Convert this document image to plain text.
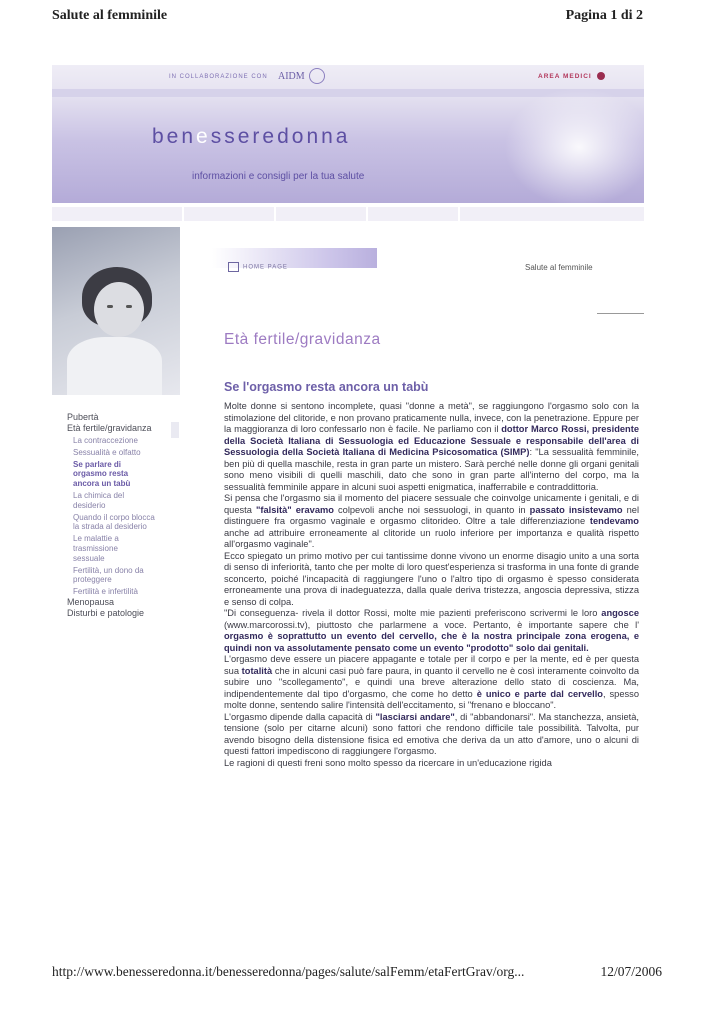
Salute al femminile	Pagina 1 di 2
IN COLLABORAZIONE CON AIDM	AREA MEDICI
benesseredonna
informazioni e consigli per la tua salute
HOME PAGE	Salute al femminile
Età fertile/gravidanza
Pubertà
Età fertile/gravidanza
La contraccezione
Sessualità e olfatto
Se parlare di orgasmo resta ancora un tabù
La chimica del desiderio
Quando il corpo blocca la strada al desiderio
Le malattie a trasmissione sessuale
Fertilità, un dono da proteggere
Fertilità e infertilità
Menopausa
Disturbi e patologie
Se l'orgasmo resta ancora un tabù

Molte donne si sentono incomplete, quasi "donne a metà", se raggiungono l'orgasmo solo con la stimolazione del clitoride, e non provano praticamente nulla, invece, con la penetrazione. Eppure per la maggioranza di loro confessarlo non è facile. Ne parliamo con il dottor Marco Rossi, presidente della Società Italiana di Sessuologia ed Educazione Sessuale e responsabile dell'area di Sessuologia della Società Italiana di Medicina Psicosomatica (SIMP): "La sessualità femminile, ben più di quella maschile, resta in gran parte un mistero. Sarà perché nelle donne gli organi genitali sono meno visibili di quelli maschili, dato che sono in gran parte all'interno del corpo, ma la sessualità femminile appare in alcuni suoi aspetti enigmatica, inafferrabile e contraddittoria.

Si pensa che l'orgasmo sia il momento del piacere sessuale che coinvolge unicamente i genitali, e di questa "falsità" eravamo colpevoli anche noi sessuologi, in quanto in passato insistevamo nel distinguere fra orgasmo vaginale e orgasmo clitorideo. Oltre a tale differenziazione tendevamo anche ad attribuire erroneamente al clitoride un ruolo inferiore per importanza e qualità rispetto all'orgasmo vaginale".

Ecco spiegato un primo motivo per cui tantissime donne vivono un enorme disagio unito a una sorta di senso di inferiorità, tanto che per molte di loro quest'esperienza si trasforma in una fonte di grande sconcerto, poiché l'incapacità di raggiungere l'uno o l'altro tipo di orgasmo è spesso considerata erroneamente una prova di inadeguatezza, dalla quale deriva tristezza, angoscia depressiva, stizza e senso di colpa.

"Di conseguenza- rivela il dottor Rossi, molte mie pazienti preferiscono scrivermi le loro angosce (www.marcorossi.tv), piuttosto che parlarmene a voce. Pertanto, è importante sapere che l' orgasmo è soprattutto un evento del cervello, che è la nostra principale zona erogena, e quindi non va assolutamente pensato come un evento "prodotto" solo dai genitali.

L'orgasmo deve essere un piacere appagante e totale per il corpo e per la mente, ed è per questa sua totalità che in alcuni casi può fare paura, in quanto il cervello ne è così interamente coinvolto da subire uno "scollegamento", e quindi una breve alterazione dello stato di coscienza. Ma, indipendentemente dal tipo d'orgasmo, che come ho detto è unico e parte dal cervello, spesso molte donne, sentendo salire l'intensità dell'eccitamento, si "frenano e bloccano".

L'orgasmo dipende dalla capacità di "lasciarsi andare", di "abbandonarsi". Ma stanchezza, ansietà, tensione (solo per citarne alcuni) sono fattori che rendono difficile tale possibilità. Talvolta, pur avendo bisogno della distensione fisica ed emotiva che deriva da un atto d'amore, uno o alcuni di questi fattori impediscono di raggiungere l'orgasmo.

Le ragioni di questi freni sono molto spesso da ricercare in un'educazione rigida

http://www.benesseredonna.it/benesseredonna/pages/salute/salFemm/etaFertGrav/org...	12/07/2006
